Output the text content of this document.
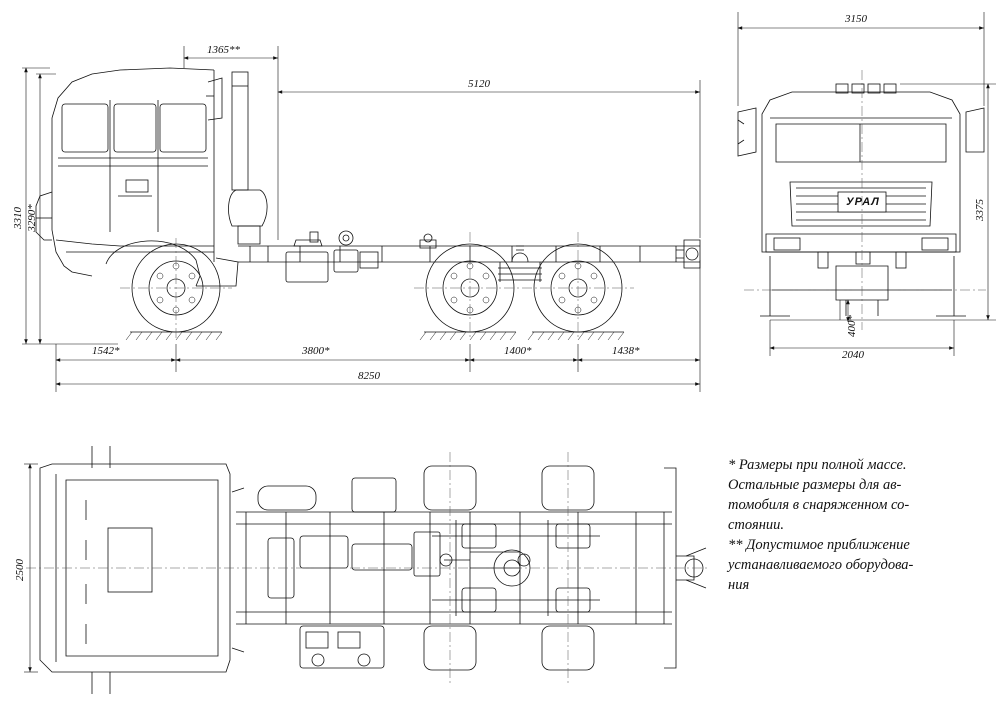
1365**
5120
3310 3290*
1542*	3800*	1400*	1438*
8250
3150
3375
2040
400*
2500
УРАЛ

* Размеры при полной массе.

Остальные размеры для ав-

томобиля в снаряженном со-

стоянии.

** Допустимое приближение

устанавливаемого оборудова-

ния
